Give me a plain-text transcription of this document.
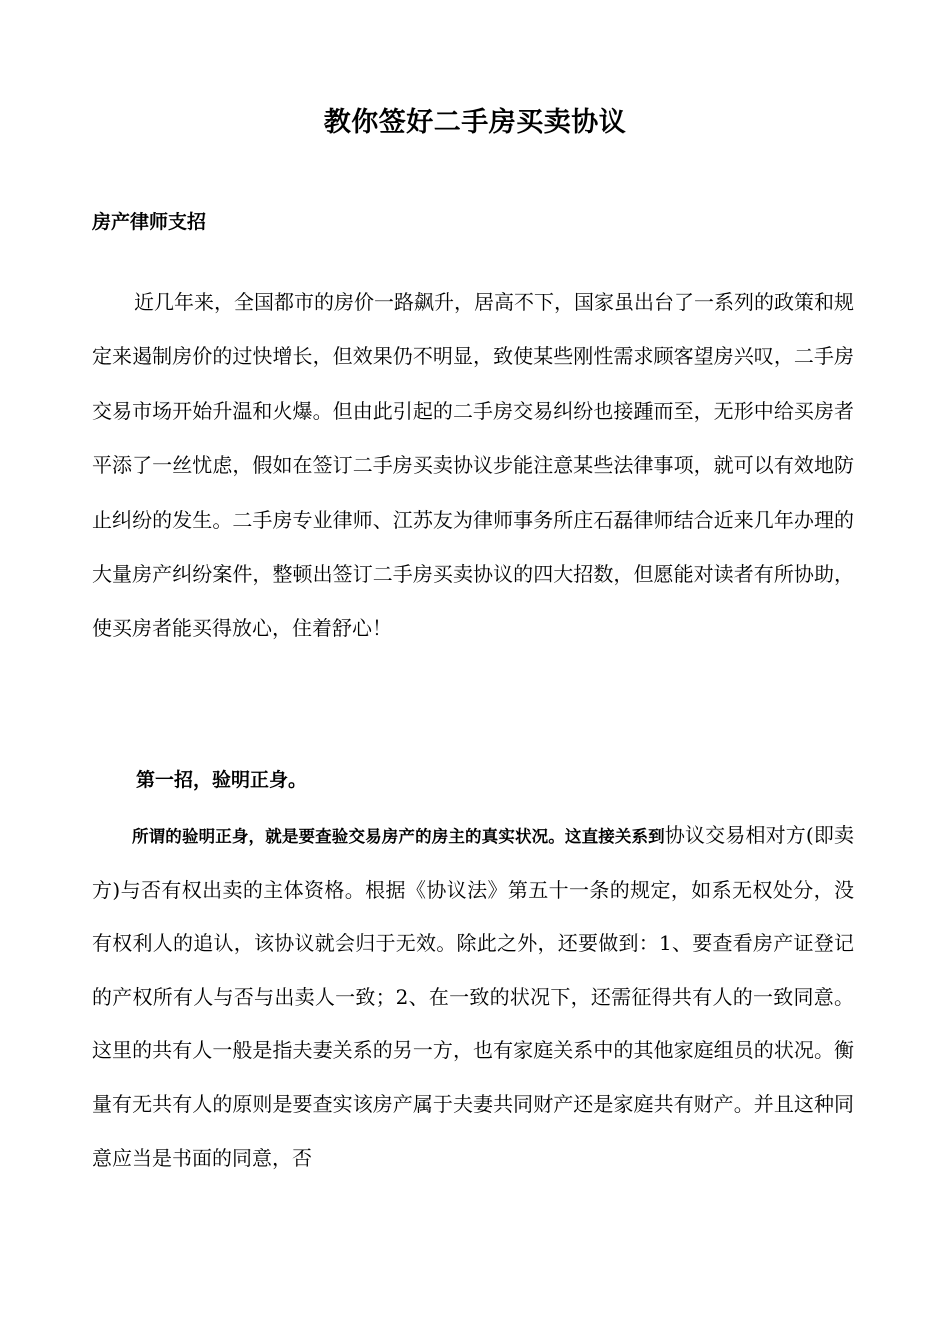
教你签好二手房买卖协议
房产律师支招
近几年来，全国都市的房价一路飙升，居高不下，国家虽出台了一系列的政策和规定来遏制房价的过快增长，但效果仍不明显，致使某些刚性需求顾客望房兴叹，二手房交易市场开始升温和火爆。但由此引起的二手房交易纠纷也接踵而至，无形中给买房者平添了一丝忧虑，假如在签订二手房买卖协议步能注意某些法律事项，就可以有效地防止纠纷的发生。二手房专业律师、江苏友为律师事务所庄石磊律师结合近来几年办理的大量房产纠纷案件，整顿出签订二手房买卖协议的四大招数，但愿能对读者有所协助，使买房者能买得放心，住着舒心！
第一招，验明正身。
所谓的验明正身，就是要查验交易房产的房主的真实状况。这直接关系到协议交易相对方(即卖方)与否有权出卖的主体资格。根据《协议法》第五十一条的规定，如系无权处分，没有权利人的追认，该协议就会归于无效。除此之外，还要做到：1、要查看房产证登记的产权所有人与否与出卖人一致；2、在一致的状况下，还需征得共有人的一致同意。这里的共有人一般是指夫妻关系的另一方，也有家庭关系中的其他家庭组员的状况。衡量有无共有人的原则是要查实该房产属于夫妻共同财产还是家庭共有财产。并且这种同意应当是书面的同意，否
